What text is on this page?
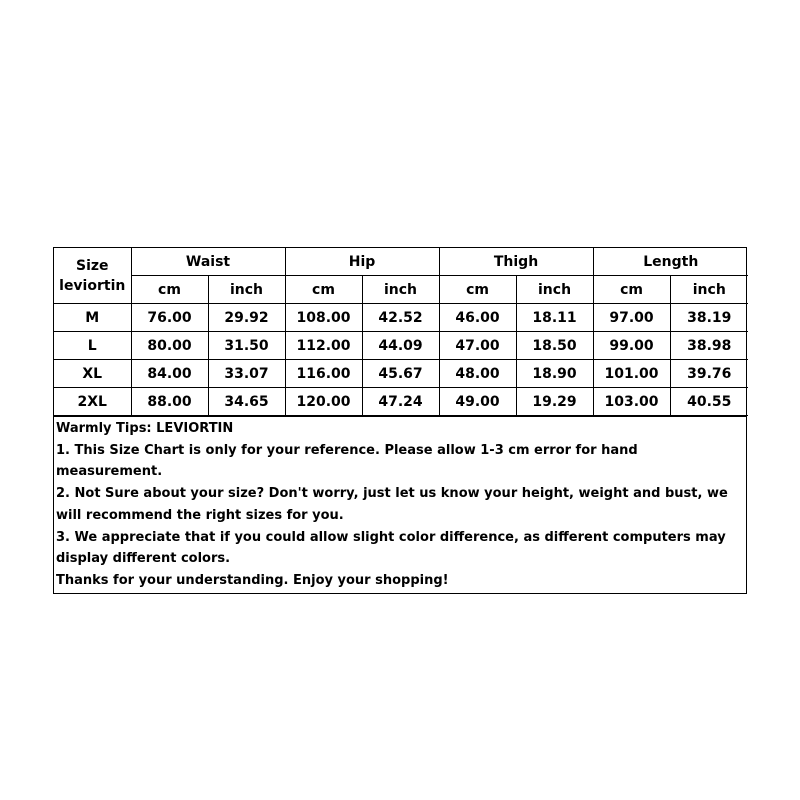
Size
leviortin	Waist		Hip		Thigh		Length	
	cm	inch	cm	inch	cm	inch	cm	inch
M	76.00	29.92	108.00	42.52	46.00	18.11	97.00	38.19
L	80.00	31.50	112.00	44.09	47.00	18.50	99.00	38.98
XL	84.00	33.07	116.00	45.67	48.00	18.90	101.00	39.76
2XL	88.00	34.65	120.00	47.24	49.00	19.29	103.00	40.55
Warmly Tips: LEVIORTIN
1. This Size Chart is only for your reference. Please allow 1-3 cm error for hand measurement.
2. Not Sure about your size? Don't worry, just let us know your height, weight and bust, we will recommend the right sizes for you.
3. We appreciate that if you could allow slight color difference, as different computers may display different colors.
Thanks for your understanding. Enjoy your shopping!
